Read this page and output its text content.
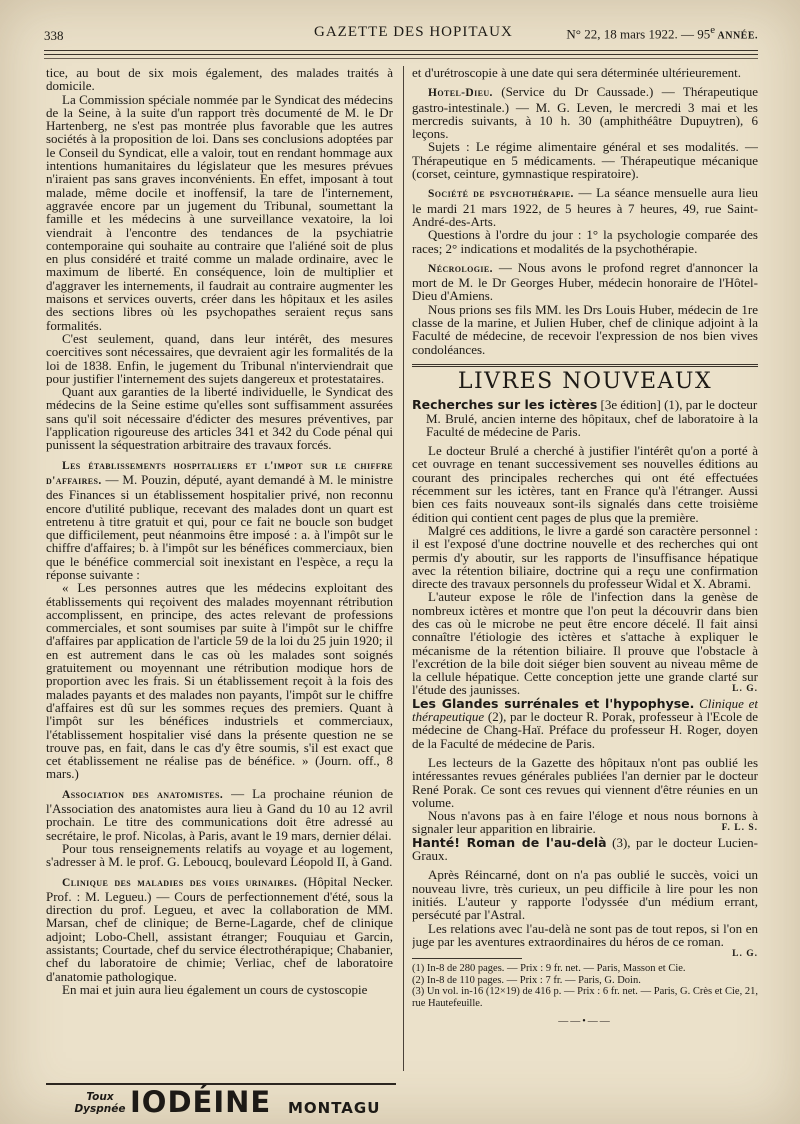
338	GAZETTE DES HOPITAUX	N° 22, 18 mars 1922. — 95e ANNÉE.

tice, au bout de six mois également, des malades traités à domicile.

La Commission spéciale nommée par le Syndicat des médecins de la Seine, à la suite d'un rapport très documenté de M. le Dr Hartenberg, ne s'est pas montrée plus favorable que les autres sociétés à la proposition de loi. Dans ses conclusions adoptées par le Conseil du Syndicat, elle a valoir, tout en rendant hommage aux intentions humanitaires du législateur que les mesures prévues n'iraient pas sans graves inconvénients. En effet, imposant à tout malade, même docile et inoffensif, la tare de l'internement, aggravée encore par un jugement du Tribunal, soumettant la famille et les médecins à une surveillance vexatoire, la loi viendrait à l'encontre des tendances de la psychiatrie contemporaine qui souhaite au contraire que l'aliéné soit de plus en plus considéré et traité comme un malade ordinaire, avec le maximum de liberté. En conséquence, loin de multiplier et d'aggraver les internements, il faudrait au contraire augmenter les maisons et services ouverts, créer dans les hôpitaux et les asiles des sections libres où les psychopathes seraient reçus sans formalités.

C'est seulement, quand, dans leur intérêt, des mesures coercitives sont nécessaires, que devraient agir les formalités de la loi de 1838. Enfin, le jugement du Tribunal n'interviendrait que pour justifier l'internement des sujets dangereux et protestataires.

Quant aux garanties de la liberté individuelle, le Syndicat des médecins de la Seine estime qu'elles sont suffisamment assurées sans qu'il soit nécessaire d'édicter des mesures préventives, par l'application rigoureuse des articles 341 et 342 du Code pénal qui punissent la séquestration arbitraire des travaux forcés.

Les établissements hospitaliers et l'impot sur le chiffre d'affaires. — M. Pouzin, député, ayant demandé à M. le ministre des Finances si un établissement hospitalier privé, non reconnu encore d'utilité publique, recevant des malades dont un quart est entretenu à titre gratuit et qui, pour ce fait ne boucle son budget que difficilement, peut néanmoins être imposé : a. à l'impôt sur le chiffre d'affaires; b. à l'impôt sur les bénéfices commerciaux, bien que le bénéfice commercial soit inexistant en l'espèce, a reçu la réponse suivante :

« Les personnes autres que les médecins exploitant des établissements qui reçoivent des malades moyennant rétribution accomplissent, en principe, des actes relevant de professions commerciales, et sont soumises par suite à l'impôt sur le chiffre d'affaires par application de l'article 59 de la loi du 25 juin 1920; il en est autrement dans le cas où les malades sont soignés gratuitement ou moyennant une rétribution modique hors de proportion avec les frais. Si un établissement reçoit à la fois des malades payants et des malades non payants, l'impôt sur le chiffre d'affaires est dû sur les sommes reçues des premiers. Quant à l'impôt sur les bénéfices industriels et commerciaux, l'établissement hospitalier visé dans la présente question ne se trouve pas, en fait, dans le cas d'y être soumis, s'il est exact que cet établissement ne réalise pas de bénéfice. » (Journ. off., 8 mars.)

Association des anatomistes. — La prochaine réunion de l'Association des anatomistes aura lieu à Gand du 10 au 12 avril prochain. Le titre des communications doit être adressé au secrétaire, le prof. Nicolas, à Paris, avant le 19 mars, dernier délai.

Pour tous renseignements relatifs au voyage et au logement, s'adresser à M. le prof. G. Leboucq, boulevard Léopold II, à Gand.

Clinique des maladies des voies urinaires. (Hôpital Necker. Prof. : M. Legueu.) — Cours de perfectionnement d'été, sous la direction du prof. Legueu, et avec la collaboration de MM. Marsan, chef de clinique; de Berne-Lagarde, chef de clinique adjoint; Lobo-Chell, assistant étranger; Fouquiau et Garcin, assistants; Courtade, chef du service électrothérapique; Chabanier, chef du laboratoire de chimie; Verliac, chef de laboratoire d'anatomie pathologique.

En mai et juin aura lieu également un cours de cystoscopie

et d'urétroscopie à une date qui sera déterminée ultérieurement.

Hotel-Dieu. (Service du Dr Caussade.) — Thérapeutique gastro-intestinale.) — M. G. Leven, le mercredi 3 mai et les mercredis suivants, à 10 h. 30 (amphithéâtre Dupuytren), 6 leçons.

Sujets : Le régime alimentaire général et ses modalités. — Thérapeutique en 5 médicaments. — Thérapeutique mécanique (corset, ceinture, gymnastique respiratoire).

Société de psychothérapie. — La séance mensuelle aura lieu le mardi 21 mars 1922, de 5 heures à 7 heures, 49, rue Saint-André-des-Arts.

Questions à l'ordre du jour : 1° la psychologie comparée des races; 2° indications et modalités de la psychothérapie.

Nécrologie. — Nous avons le profond regret d'annoncer la mort de M. le Dr Georges Huber, médecin honoraire de l'Hôtel-Dieu d'Amiens.

Nous prions ses fils MM. les Drs Louis Huber, médecin de 1re classe de la marine, et Julien Huber, chef de clinique adjoint à la Faculté de médecine, de recevoir l'expression de nos bien vives condoléances.

LIVRES NOUVEAUX

Recherches sur les ictères [3e édition] (1), par le docteur

M. Brulé, ancien interne des hôpitaux, chef de laboratoire à la Faculté de médecine de Paris.

Le docteur Brulé a cherché à justifier l'intérêt qu'on a porté à cet ouvrage en tenant successivement ses nouvelles éditions au courant des principales recherches qui ont été effectuées récemment sur les ictères, tant en France qu'à l'étranger. Aussi bien ces faits nouveaux sont-ils signalés dans cette troisième édition qui contient cent pages de plus que la première.

Malgré ces additions, le livre a gardé son caractère personnel : il est l'exposé d'une doctrine nouvelle et des recherches qui ont permis d'y aboutir, sur les rapports de l'insuffisance hépatique avec la rétention biliaire, doctrine qui a reçu une confirmation directe des travaux personnels du professeur Widal et X. Abrami.

L'auteur expose le rôle de l'infection dans la genèse de nombreux ictères et montre que l'on peut la découvrir dans bien des cas où le microbe ne peut être encore décelé. Il fait ainsi connaître l'étiologie des ictères et s'attache à expliquer le mécanisme de la rétention biliaire. Il prouve que l'obstacle à l'excrétion de la bile doit siéger bien souvent au niveau même de la cellule hépatique. Cette conception jette une grande clarté sur l'étude des jaunisses.	L. G.

Les Glandes surrénales et l'hypophyse. Clinique et thérapeutique (2), par le docteur R. Porak, professeur à l'Ecole de médecine de Chang-Haï. Préface du professeur H. Roger, doyen de la Faculté de médecine de Paris.

Les lecteurs de la Gazette des hôpitaux n'ont pas oublié les intéressantes revues générales publiées l'an dernier par le docteur René Porak. Ce sont ces revues qui viennent d'être réunies en un volume.

Nous n'avons pas à en faire l'éloge et nous nous bornons à signaler leur apparition en librairie.	F. L. S.

Hanté! Roman de l'au-delà (3), par le docteur Lucien-Graux.

Après Réincarné, dont on n'a pas oublié le succès, voici un nouveau livre, très curieux, un peu difficile à lire pour les non initiés. L'auteur y rapporte l'odyssée d'un médium errant, persécuté par l'Astral.

Les relations avec l'au-delà ne sont pas de tout repos, si l'on en juge par les aventures extraordinaires du héros de ce roman.
L. G.

(1) In-8 de 280 pages. — Prix : 9 fr. net. — Paris, Masson et Cie.

(2) In-8 de 110 pages. — Prix : 7 fr. — Paris, G. Doin.

(3) Un vol. in-16 (12×19) de 416 p. — Prix : 6 fr. net. — Paris, G. Crès et Cie, 21, rue Hautefeuille.

——•——
Toux
Dyspnée IODÉINE MONTAGU
